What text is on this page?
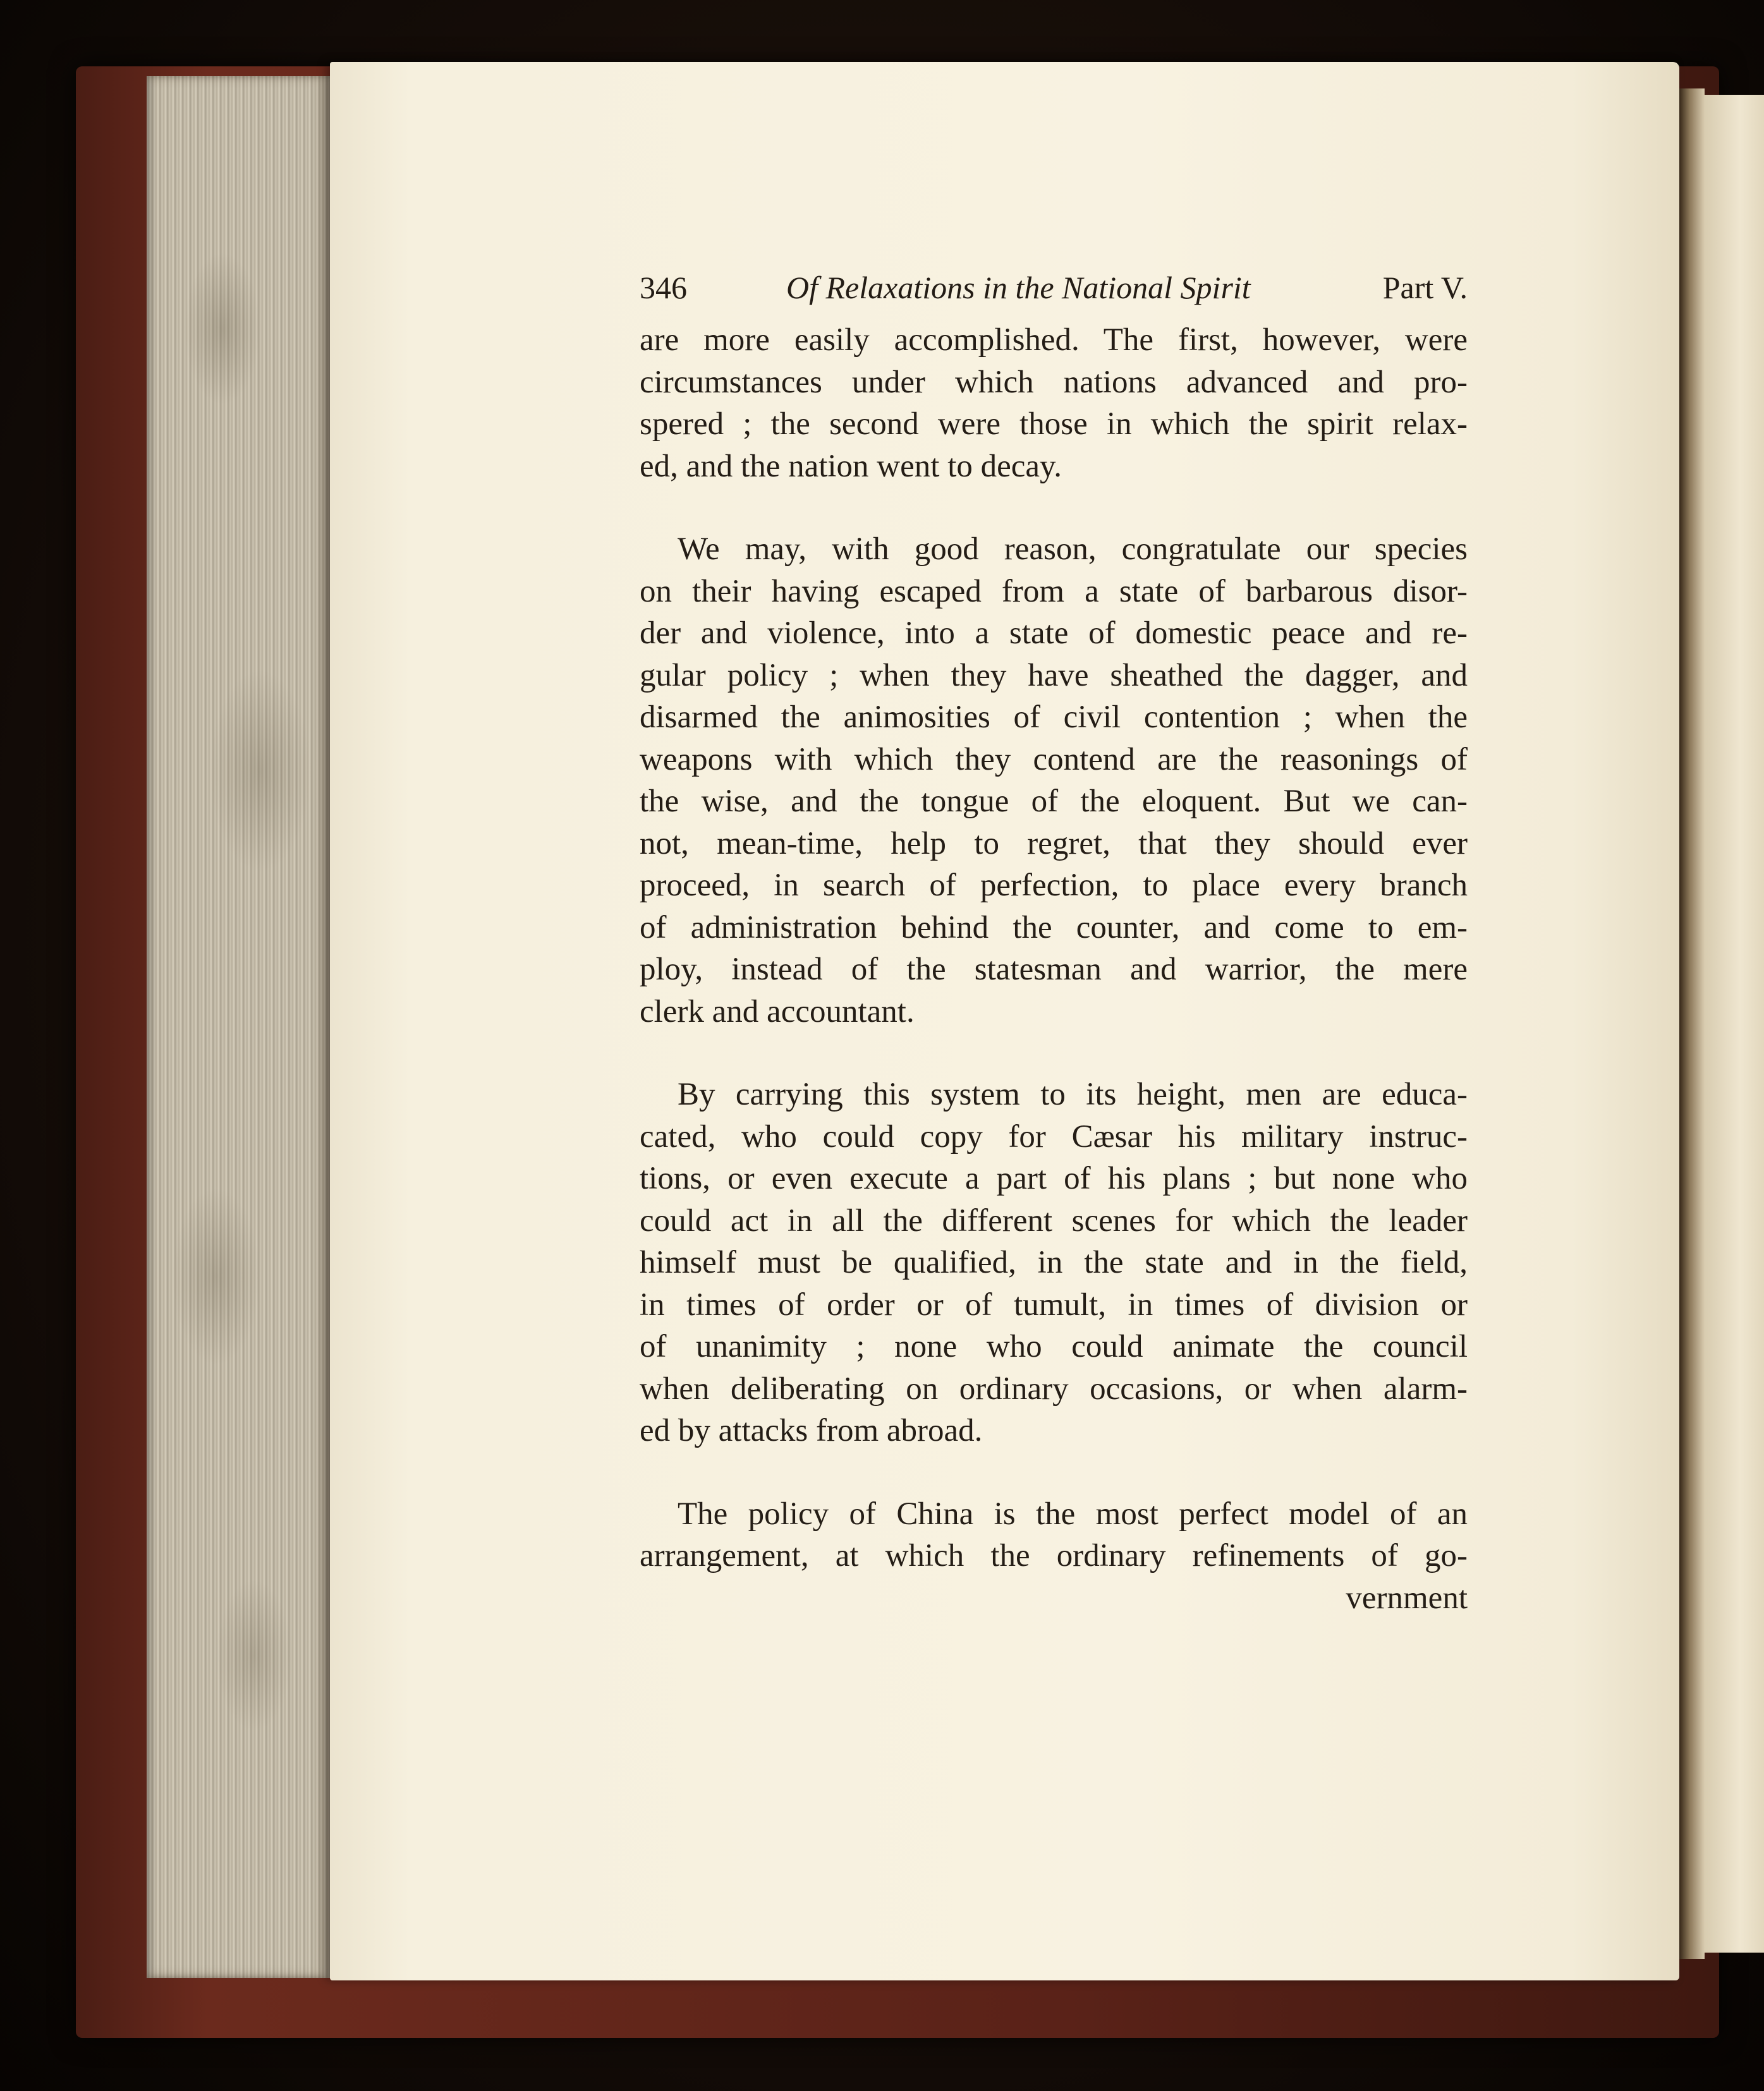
346	Of Relaxations in the National Spirit	Part V.
are more easily accomplished. The first, however, were
circumstances under which nations advanced and pro-
spered ; the second were those in which the spirit relax-
ed, and the nation went to decay.
We may, with good reason, congratulate our species
on their having escaped from a state of barbarous disor-
der and violence, into a state of domestic peace and re-
gular policy ; when they have sheathed the dagger, and
disarmed the animosities of civil contention ; when the
weapons with which they contend are the reasonings of
the wise, and the tongue of the eloquent. But we can-
not, mean-time, help to regret, that they should ever
proceed, in search of perfection, to place every branch
of administration behind the counter, and come to em-
ploy, instead of the statesman and warrior, the mere
clerk and accountant.
By carrying this system to its height, men are educa-
cated, who could copy for Cæsar his military instruc-
tions, or even execute a part of his plans ; but none who
could act in all the different scenes for which the leader
himself must be qualified, in the state and in the field,
in times of order or of tumult, in times of division or
of unanimity ; none who could animate the council
when deliberating on ordinary occasions, or when alarm-
ed by attacks from abroad.
The policy of China is the most perfect model of an
arrangement, at which the ordinary refinements of go-
vernment
